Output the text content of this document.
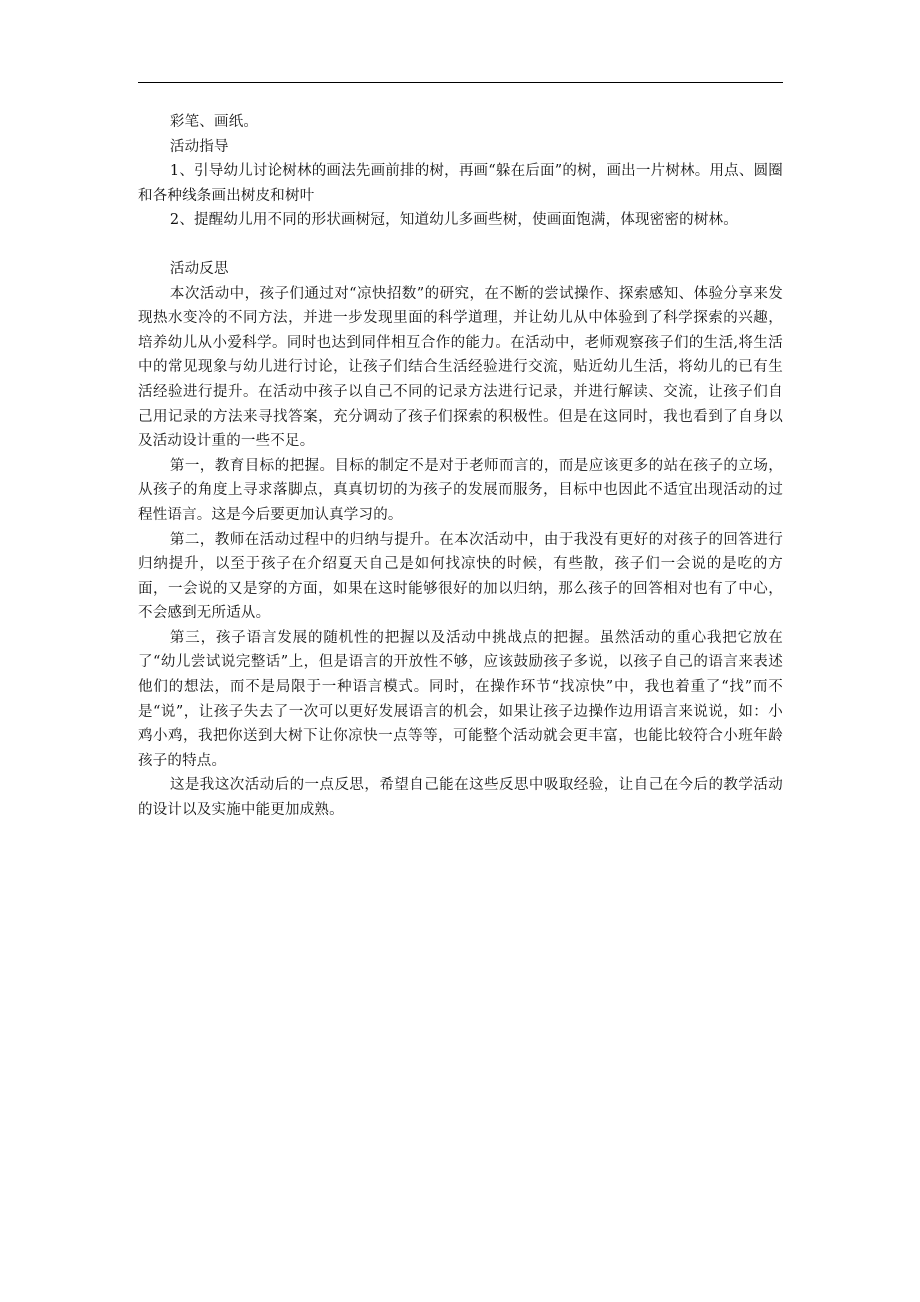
彩笔、画纸。

活动指导

1、引导幼儿讨论树林的画法先画前排的树，再画“躲在后面”的树，画出一片树林。用点、圆圈和各种线条画出树皮和树叶

2、提醒幼儿用不同的形状画树冠，知道幼儿多画些树，使画面饱满，体现密密的树林。

活动反思

本次活动中，孩子们通过对“凉快招数”的研究，在不断的尝试操作、探索感知、体验分享来发现热水变冷的不同方法，并进一步发现里面的科学道理，并让幼儿从中体验到了科学探索的兴趣，培养幼儿从小爱科学。同时也达到同伴相互合作的能力。在活动中，老师观察孩子们的生活,将生活中的常见现象与幼儿进行讨论，让孩子们结合生活经验进行交流，贴近幼儿生活，将幼儿的已有生活经验进行提升。在活动中孩子以自己不同的记录方法进行记录，并进行解读、交流，让孩子们自己用记录的方法来寻找答案，充分调动了孩子们探索的积极性。但是在这同时，我也看到了自身以及活动设计重的一些不足。

第一，教育目标的把握。目标的制定不是对于老师而言的，而是应该更多的站在孩子的立场，从孩子的角度上寻求落脚点，真真切切的为孩子的发展而服务，目标中也因此不适宜出现活动的过程性语言。这是今后要更加认真学习的。

第二，教师在活动过程中的归纳与提升。在本次活动中，由于我没有更好的对孩子的回答进行归纳提升，以至于孩子在介绍夏天自己是如何找凉快的时候，有些散，孩子们一会说的是吃的方面，一会说的又是穿的方面，如果在这时能够很好的加以归纳，那么孩子的回答相对也有了中心，不会感到无所适从。

第三，孩子语言发展的随机性的把握以及活动中挑战点的把握。虽然活动的重心我把它放在了“幼儿尝试说完整话”上，但是语言的开放性不够，应该鼓励孩子多说，以孩子自己的语言来表述他们的想法，而不是局限于一种语言模式。同时，在操作环节“找凉快”中，我也着重了“找”而不是“说”，让孩子失去了一次可以更好发展语言的机会，如果让孩子边操作边用语言来说说，如：小鸡小鸡，我把你送到大树下让你凉快一点等等，可能整个活动就会更丰富，也能比较符合小班年龄孩子的特点。

这是我这次活动后的一点反思，希望自己能在这些反思中吸取经验，让自己在今后的教学活动的设计以及实施中能更加成熟。
